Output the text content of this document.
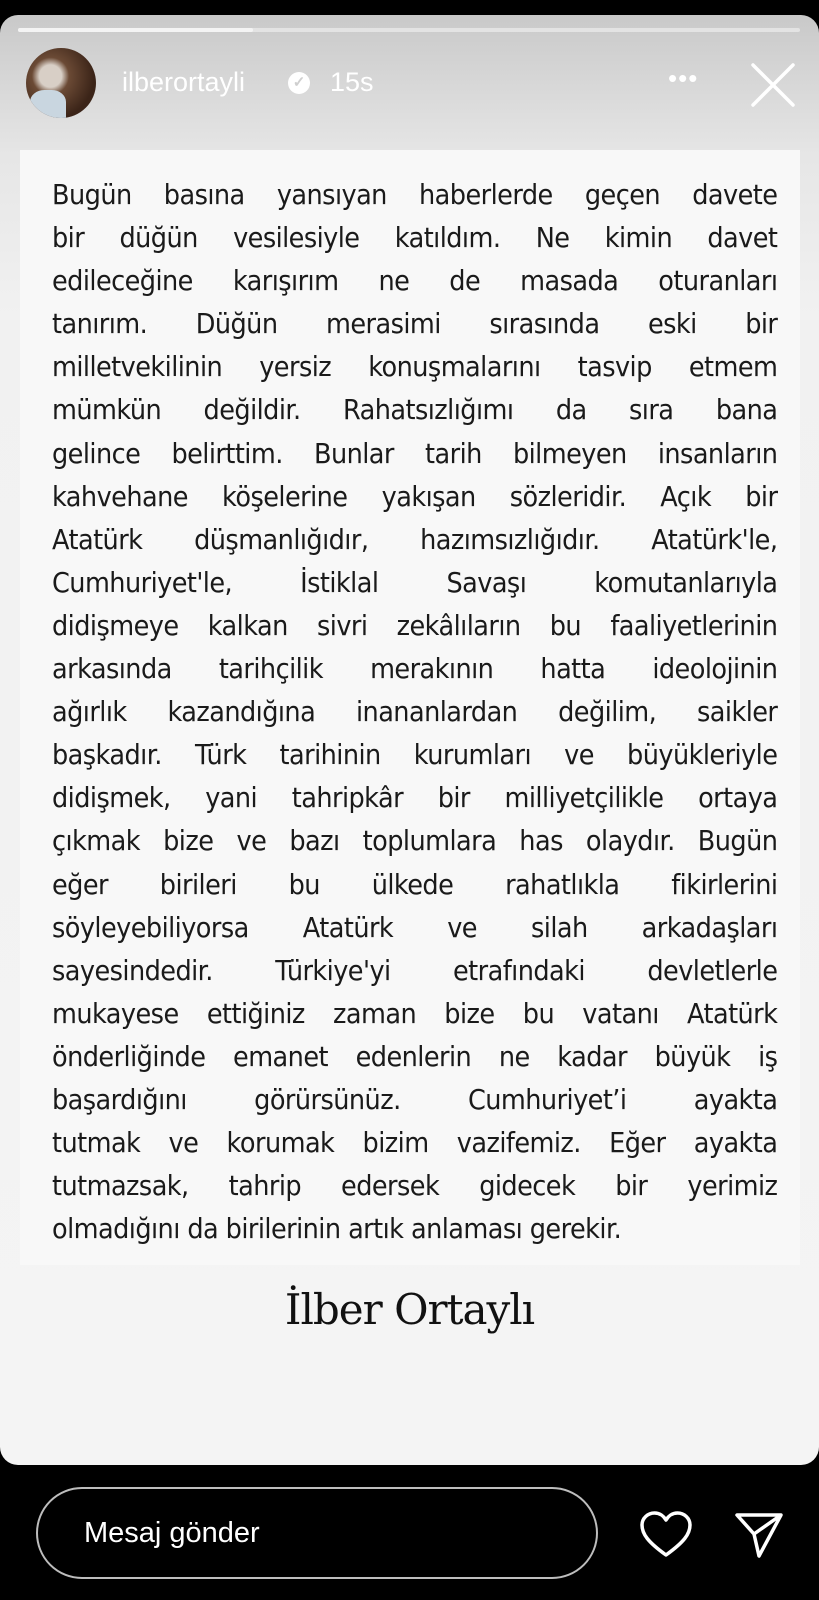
ilberortayli	✓ 15s	•••
Bugün basına yansıyan haberlerde geçen davete
bir düğün vesilesiyle katıldım. Ne kimin davet
edileceğine karışırım ne de masada oturanları
tanırım. Düğün merasimi sırasında eski bir
milletvekilinin yersiz konuşmalarını tasvip etmem
mümkün değildir. Rahatsızlığımı da sıra bana
gelince belirttim. Bunlar tarih bilmeyen insanların
kahvehane köşelerine yakışan sözleridir. Açık bir
Atatürk düşmanlığıdır, hazımsızlığıdır. Atatürk'le,
Cumhuriyet'le, İstiklal Savaşı komutanlarıyla
didişmeye kalkan sivri zekâlıların bu faaliyetlerinin
arkasında tarihçilik merakının hatta ideolojinin
ağırlık kazandığına inananlardan değilim, saikler
başkadır. Türk tarihinin kurumları ve büyükleriyle
didişmek, yani tahripkâr bir milliyetçilikle ortaya
çıkmak bize ve bazı toplumlara has olaydır. Bugün
eğer birileri bu ülkede rahatlıkla fikirlerini
söyleyebiliyorsa Atatürk ve silah arkadaşları
sayesindedir. Türkiye'yi etrafındaki devletlerle
mukayese ettiğiniz zaman bize bu vatanı Atatürk
önderliğinde emanet edenlerin ne kadar büyük iş
başardığını görürsünüz. Cumhuriyet’i ayakta
tutmak ve korumak bizim vazifemiz. Eğer ayakta
tutmazsak, tahrip edersek gidecek bir yerimiz
olmadığını da birilerinin artık anlaması gerekir.
İlber Ortaylı
Mesaj gönder
